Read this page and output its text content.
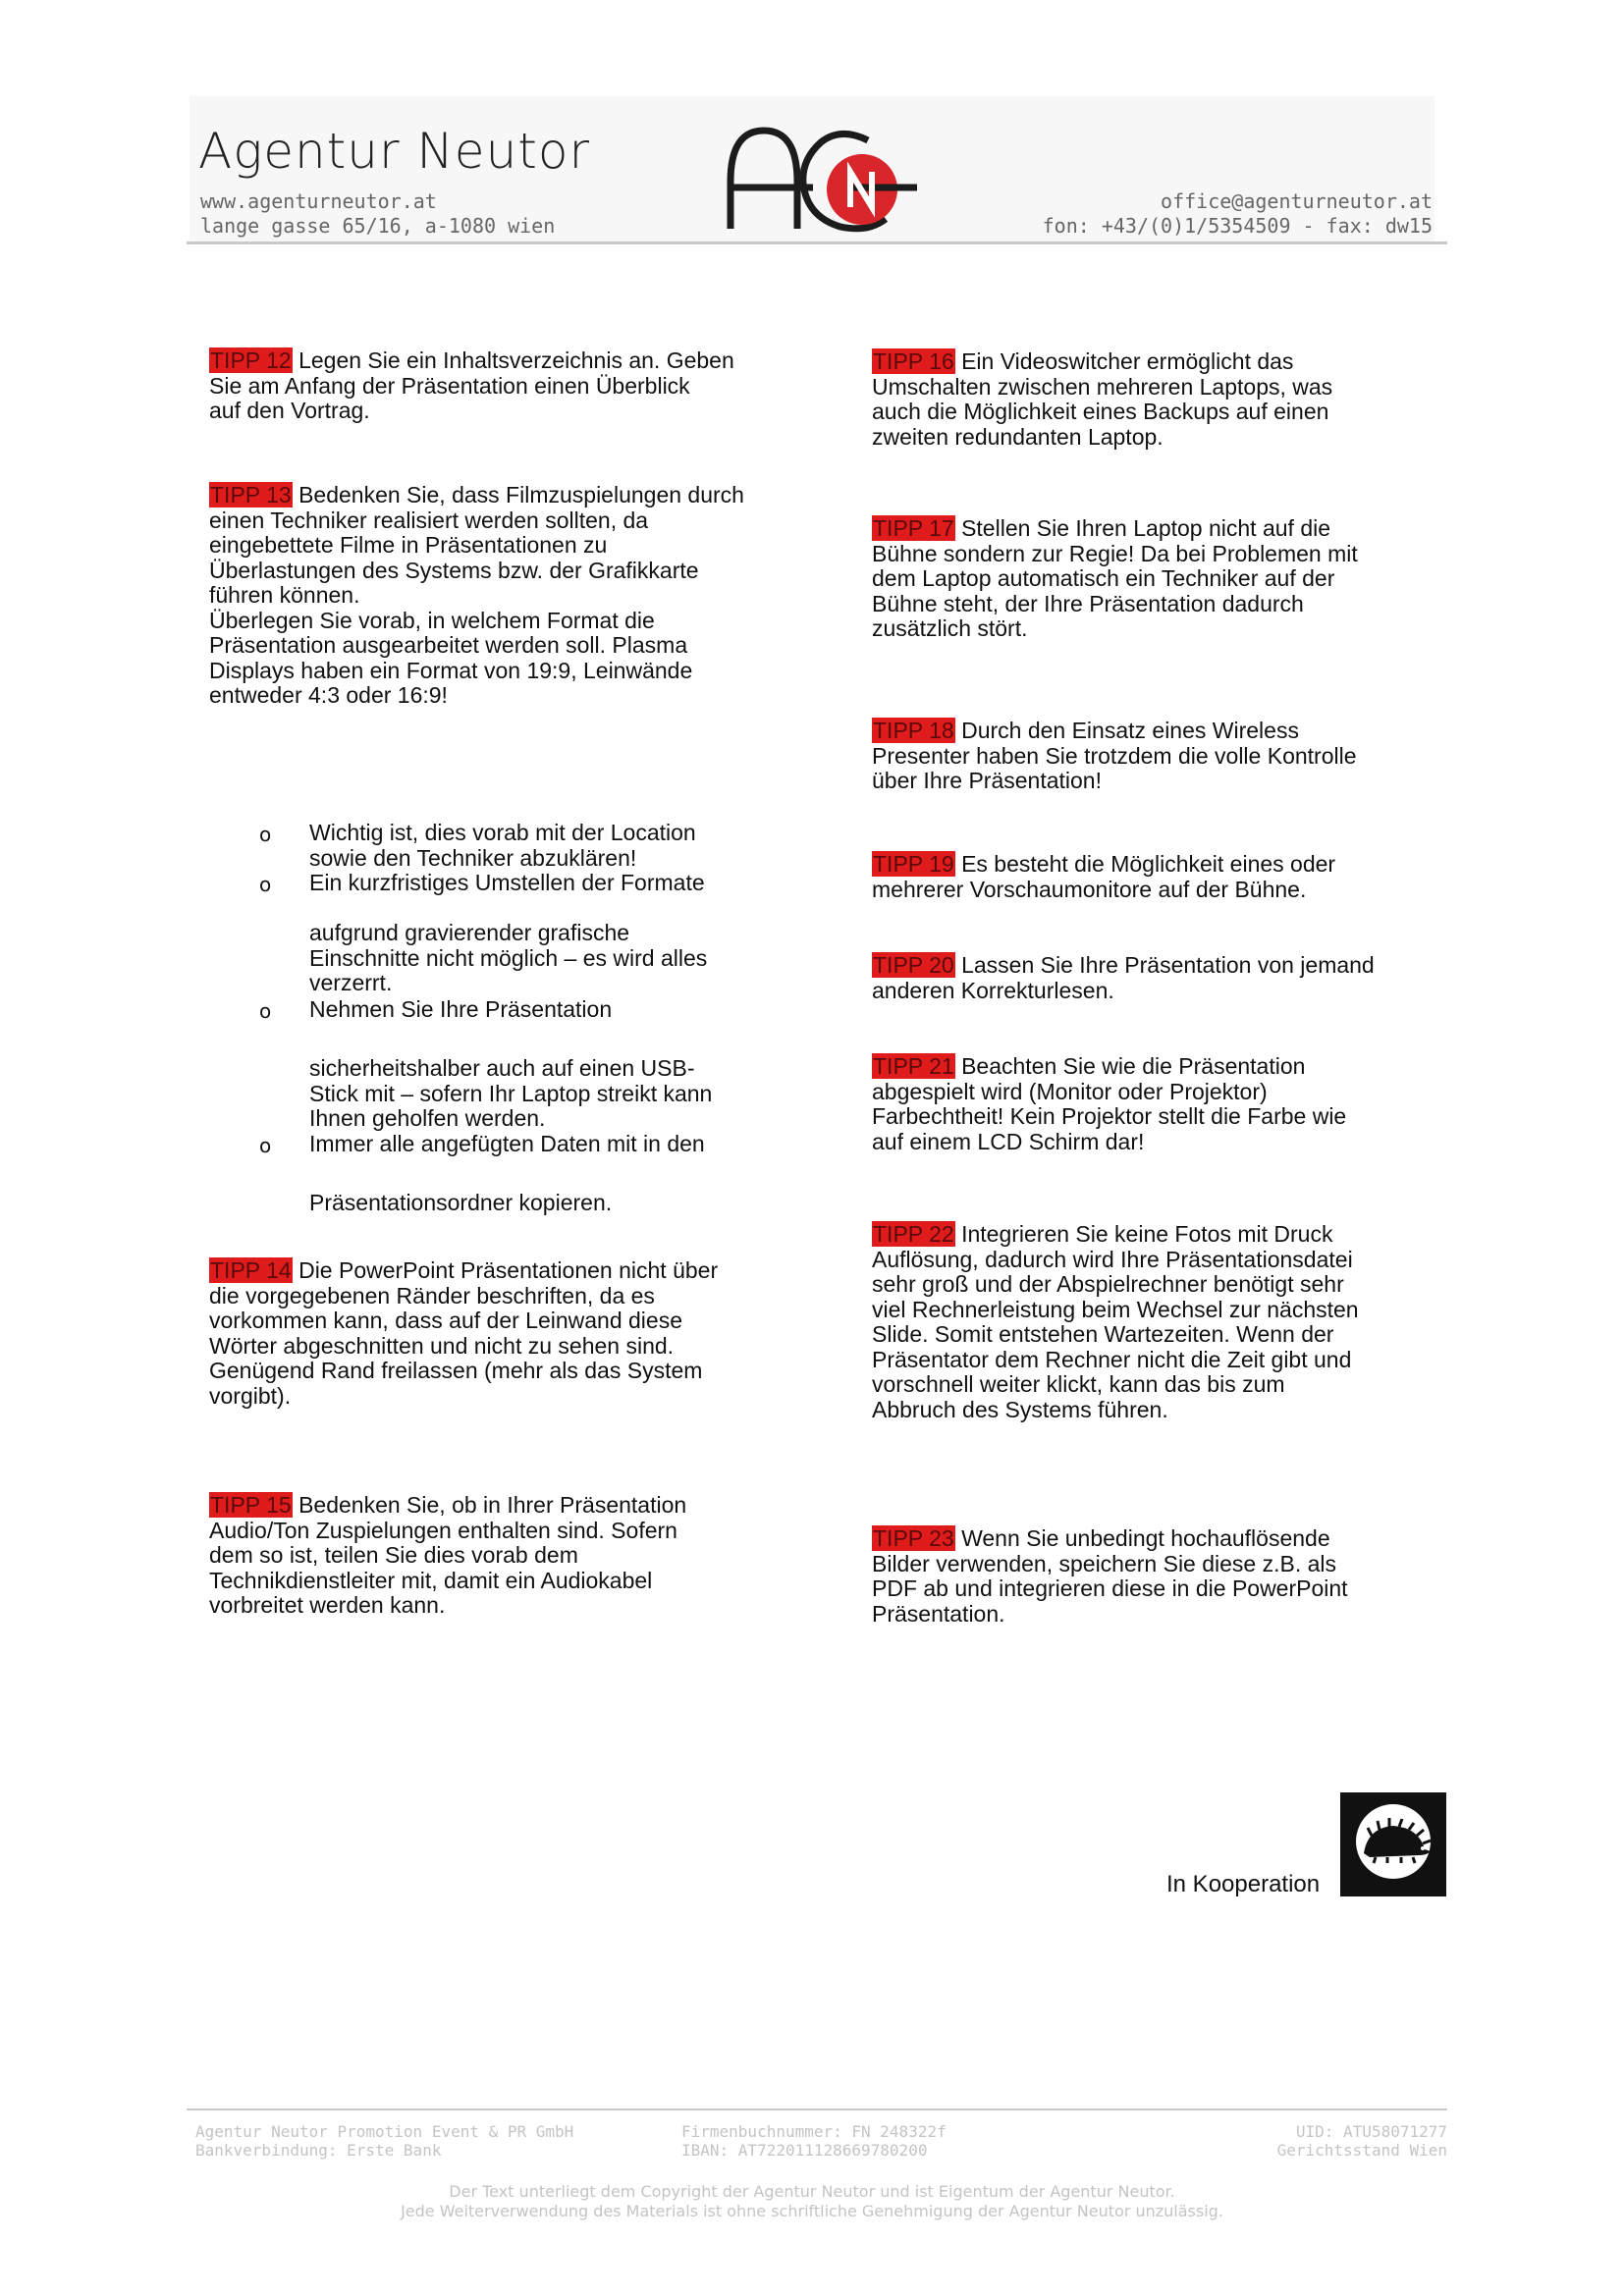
Agentur Neutor
www.agenturneutor.at
lange gasse 65/16, a-1080 wien
office@agenturneutor.at
fon: +43/(0)1/5354509 - fax: dw15
TIPP 12 Legen Sie ein Inhaltsverzeichnis an. Geben
Sie am Anfang der Präsentation einen Überblick
auf den Vortrag.
TIPP 13 Bedenken Sie, dass Filmzuspielungen durch
einen Techniker realisiert werden sollten, da
eingebettete Filme in Präsentationen zu
Überlastungen des Systems bzw. der Grafikkarte
führen können.
Überlegen Sie vorab, in welchem Format die
Präsentation ausgearbeitet werden soll. Plasma
Displays haben ein Format von 19:9, Leinwände
entweder 4:3 oder 16:9!
o Wichtig ist, dies vorab mit der Location
sowie den Techniker abzuklären!
o Ein kurzfristiges Umstellen der Formate
aufgrund gravierender grafische
Einschnitte nicht möglich – es wird alles
verzerrt.
o Nehmen Sie Ihre Präsentation
sicherheitshalber auch auf einen USB-
Stick mit – sofern Ihr Laptop streikt kann
Ihnen geholfen werden.
o Immer alle angefügten Daten mit in den
Präsentationsordner kopieren.
TIPP 14 Die PowerPoint Präsentationen nicht über
die vorgegebenen Ränder beschriften, da es
vorkommen kann, dass auf der Leinwand diese
Wörter abgeschnitten und nicht zu sehen sind.
Genügend Rand freilassen (mehr als das System
vorgibt).
TIPP 15 Bedenken Sie, ob in Ihrer Präsentation
Audio/Ton Zuspielungen enthalten sind. Sofern
dem so ist, teilen Sie dies vorab dem
Technikdienstleiter mit, damit ein Audiokabel
vorbreitet werden kann.
TIPP 16 Ein Videoswitcher ermöglicht das
Umschalten zwischen mehreren Laptops, was
auch die Möglichkeit eines Backups auf einen
zweiten redundanten Laptop.
TIPP 17 Stellen Sie Ihren Laptop nicht auf die
Bühne sondern zur Regie! Da bei Problemen mit
dem Laptop automatisch ein Techniker auf der
Bühne steht, der Ihre Präsentation dadurch
zusätzlich stört.
TIPP 18 Durch den Einsatz eines Wireless
Presenter haben Sie trotzdem die volle Kontrolle
über Ihre Präsentation!
TIPP 19 Es besteht die Möglichkeit eines oder
mehrerer Vorschaumonitore auf der Bühne.
TIPP 20 Lassen Sie Ihre Präsentation von jemand
anderen Korrekturlesen.
TIPP 21 Beachten Sie wie die Präsentation
abgespielt wird (Monitor oder Projektor)
Farbechtheit! Kein Projektor stellt die Farbe wie
auf einem LCD Schirm dar!
TIPP 22 Integrieren Sie keine Fotos mit Druck
Auflösung, dadurch wird Ihre Präsentationsdatei
sehr groß und der Abspielrechner benötigt sehr
viel Rechnerleistung beim Wechsel zur nächsten
Slide. Somit entstehen Wartezeiten. Wenn der
Präsentator dem Rechner nicht die Zeit gibt und
vorschnell weiter klickt, kann das bis zum
Abbruch des Systems führen.
TIPP 23 Wenn Sie unbedingt hochauflösende
Bilder verwenden, speichern Sie diese z.B. als
PDF ab und integrieren diese in die PowerPoint
Präsentation.
In Kooperation
Agentur Neutor Promotion Event & PR GmbH
Bankverbindung: Erste Bank
Firmenbuchnummer: FN 248322f
IBAN: AT722011128669780200
UID: ATU58071277
Gerichtsstand Wien
Der Text unterliegt dem Copyright der Agentur Neutor und ist Eigentum der Agentur Neutor.
Jede Weiterverwendung des Materials ist ohne schriftliche Genehmigung der Agentur Neutor unzulässig.
